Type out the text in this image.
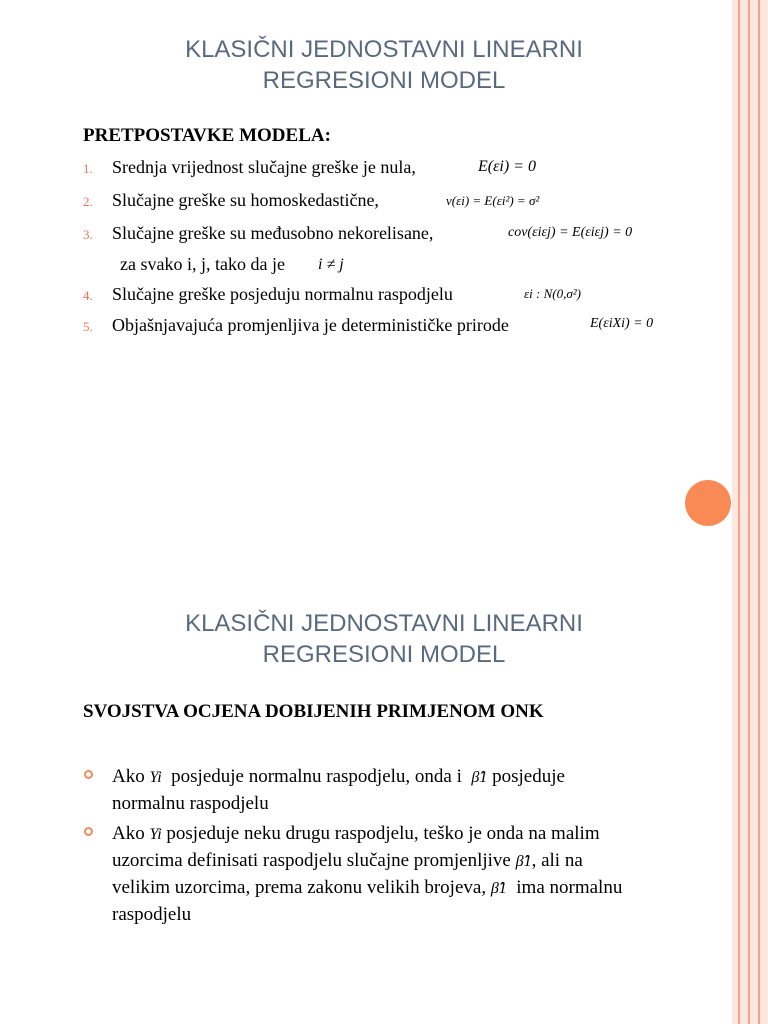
KLASIČNI JEDNOSTAVNI LINEARNI
REGRESIONI MODEL
PRETPOSTAVKE MODELA:
1. Srednja vrijednost slučajne greške je nula,	E(εi) = 0
2. Slučajne greške su homoskedastične,	v(εi) = E(εi²) = σ²
3. Slučajne greške su međusobno nekorelisane,	cov(εiεj) = E(εiεj) = 0
za svako i, j, tako da je i ≠ j
4. Slučajne greške posjeduju normalnu raspodjelu	εi : N(0,σ²)
5. Objašnjavajuća promjenljiva je determinističke prirode	E(εiXi) = 0
KLASIČNI JEDNOSTAVNI LINEARNI
REGRESIONI MODEL
SVOJSTVA OCJENA DOBIJENIH PRIMJENOM ONK
Ako Yi posjeduje normalnu raspodjelu, onda i β̂1 posjeduje
normalnu raspodjelu
Ako Yi posjeduje neku drugu raspodjelu, teško je onda na malim
uzorcima definisati raspodjelu slučajne promjenljive β̂1, ali na
velikim uzorcima, prema zakonu velikih brojeva, β̂1 ima normalnu
raspodjelu
